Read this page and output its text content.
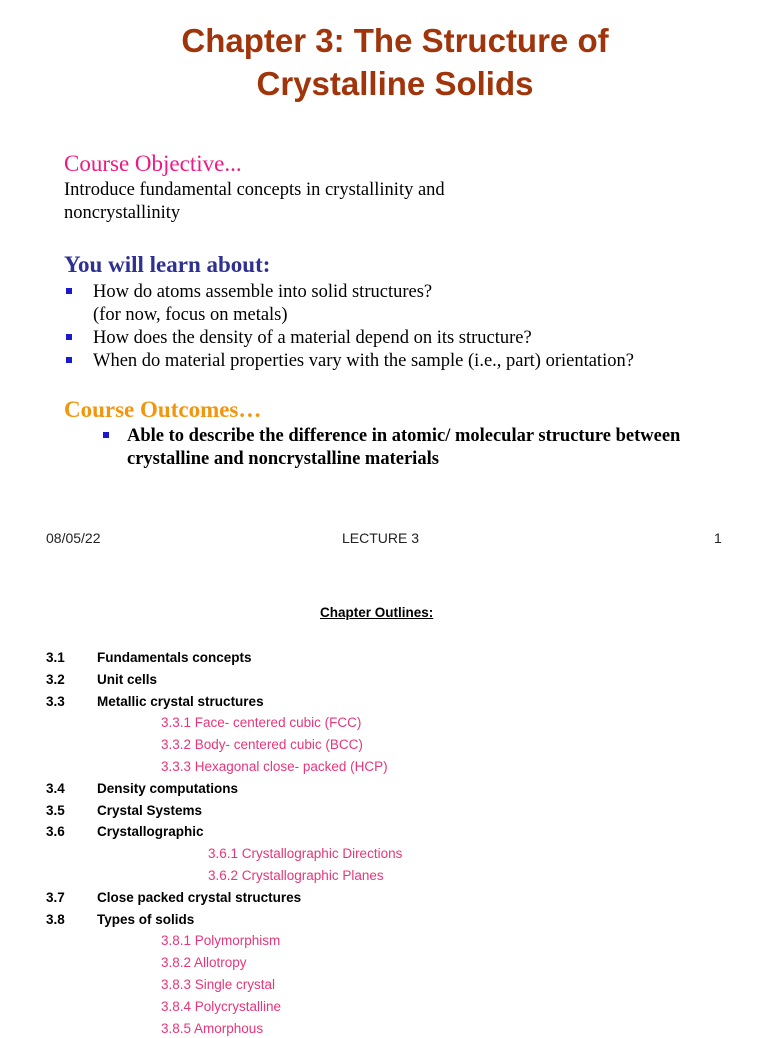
Chapter 3: The Structure of
Crystalline Solids
Course Objective...
Introduce fundamental concepts in crystallinity and
noncrystallinity
You will learn about:
How do atoms assemble into solid structures?
(for now, focus on metals)
How does the density of a material depend on its structure?
When do material properties vary with the sample (i.e., part) orientation?
Course Outcomes…
Able to describe the difference in atomic/ molecular structure between crystalline and noncrystalline materials
08/05/22	LECTURE 3	1
Chapter Outlines:
3.1 Fundamentals concepts
3.2 Unit cells
3.3 Metallic crystal structures
3.3.1 Face- centered cubic (FCC)
3.3.2 Body- centered cubic (BCC)
3.3.3 Hexagonal close- packed (HCP)
3.4 Density computations
3.5 Crystal Systems
3.6 Crystallographic
3.6.1 Crystallographic Directions
3.6.2 Crystallographic Planes
3.7 Close packed crystal structures
3.8 Types of solids
3.8.1 Polymorphism
3.8.2 Allotropy
3.8.3 Single crystal
3.8.4 Polycrystalline
3.8.5 Amorphous
